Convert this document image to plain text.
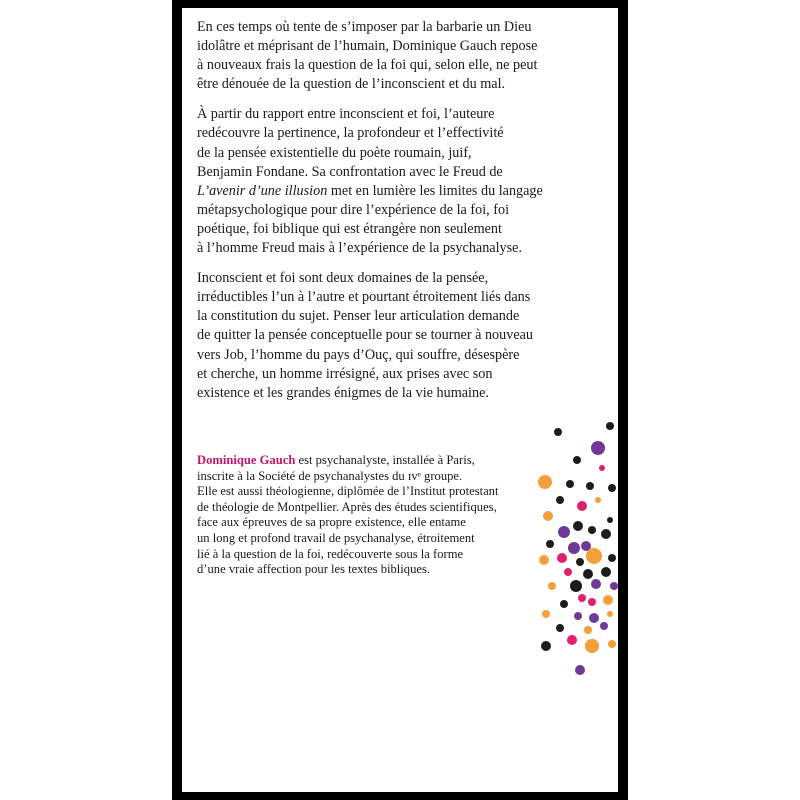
En ces temps où tente de s’imposer par la barbarie un Dieu
idolâtre et méprisant de l’humain, Dominique Gauch repose
à nouveaux frais la question de la foi qui, selon elle, ne peut
être dénouée de la question de l’inconscient et du mal.

À partir du rapport entre inconscient et foi, l’auteure
redécouvre la pertinence, la profondeur et l’effectivité
de la pensée existentielle du poète roumain, juif,
Benjamin Fondane. Sa confrontation avec le Freud de
L’avenir d’une illusion met en lumière les limites du langage
métapsychologique pour dire l’expérience de la foi, foi
poétique, foi biblique qui est étrangère non seulement
à l’homme Freud mais à l’expérience de la psychanalyse.

Inconscient et foi sont deux domaines de la pensée,
irréductibles l’un à l’autre et pourtant étroitement liés dans
la constitution du sujet. Penser leur articulation demande
de quitter la pensée conceptuelle pour se tourner à nouveau
vers Job, l’homme du pays d’Ouç, qui souffre, désespère
et cherche, un homme irrésigné, aux prises avec son
existence et les grandes énigmes de la vie humaine.

Dominique Gauch est psychanalyste, installée à Paris,
inscrite à la Société de psychanalystes du ɪᴠᵉ groupe.
Elle est aussi théologienne, diplômée de l’Institut protestant
de théologie de Montpellier. Après des études scientifiques,
face aux épreuves de sa propre existence, elle entame
un long et profond travail de psychanalyse, étroitement
lié à la question de la foi, redécouverte sous la forme
d’une vraie affection pour les textes bibliques.
